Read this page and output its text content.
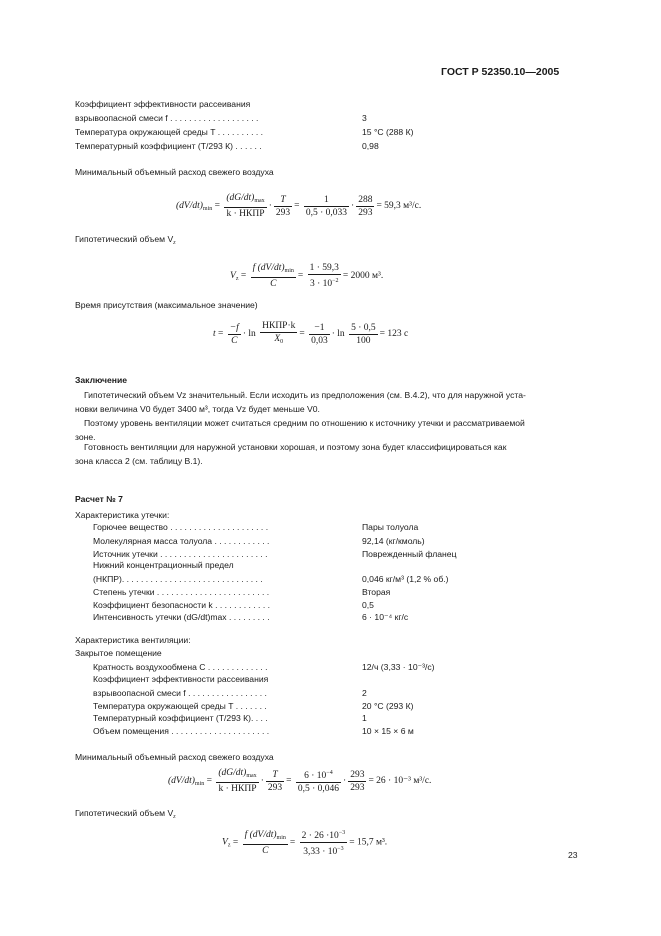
ГОСТ Р 52350.10—2005
Коэффициент эффективности рассеивания
взрывоопасной смеси f . . . . . . . . . . . . . . . . . . .	3
Температура окружающей среды T . . . . . . . . . .	15 °С (288 К)
Температурный коэффициент (Т/293 К) . . . . . .	0,98
Минимальный объемный расход свежего воздуха
$(dV/dt)_{min} = \frac{(dG/dt)_{max}}{\text{k · НКПР}} \cdot \frac{T}{293} = \frac{1}{0,5 \cdot 0,033} \cdot \frac{288}{293} = 59,3$ м³/с.
Гипотетический объем $V_z$
$V_z = \frac{f (dV/dt)_{min}}{C} = \frac{1 \cdot 59,3}{3 \cdot 10^{-2}} = 2000$ м³.
Время присутствия (максимальное значение)
$t = \frac{-f}{C} \cdot \ln \frac{\text{НКПР·k}}{X_0} = \frac{-1}{0,03} \cdot \ln \frac{5 \cdot 0,5}{100} = 123$ с
Заключение
Гипотетический объем Vz значительный. Если исходить из предположения (см. В.4.2), что для наружной уста-
новки величина V0 будет 3400 м³, тогда Vz будет меньше V0.
Поэтому уровень вентиляции может считаться средним по отношению к источнику утечки и рассматриваемой
зоне.
Готовность вентиляции для наружной установки хорошая, и поэтому зона будет классифицироваться как
зона класса 2 (см. таблицу В.1).
Расчет № 7
Характеристика утечки:
Горючее вещество . . . . . . . . . . . . . . . . . . . . .	Пары толуола
Молекулярная масса толуола . . . . . . . . . . . .	92,14 (кг/кмоль)
Источник утечки . . . . . . . . . . . . . . . . . . . . . . .	Поврежденный фланец
Нижний концентрационный предел
(НКПР). . . . . . . . . . . . . . . . . . . . . . . . . . . . . .	0,046 кг/м³ (1,2 % об.)
Степень утечки . . . . . . . . . . . . . . . . . . . . . . . .	Вторая
Коэффициент безопасности k . . . . . . . . . . . .	0,5
Интенсивность утечки (dG/dt)max . . . . . . . . .	6 · 10⁻⁴ кг/с
Характеристика вентиляции:
Закрытое помещение
Кратность воздухообмена C . . . . . . . . . . . . .	12/ч (3,33 · 10⁻³/с)
Коэффициент эффективности рассеивания
взрывоопасной смеси f . . . . . . . . . . . . . . . . .	2
Температура окружающей среды T . . . . . . .	20 °С (293 К)
Температурный коэффициент (Т/293 К). . . .	1
Объем помещения . . . . . . . . . . . . . . . . . . . . .	10 × 15 × 6 м
Минимальный объемный расход свежего воздуха
$(dV/dt)_{min} = \frac{(dG/dt)_{max}}{\text{k · НКПР}} \cdot \frac{T}{293} = \frac{6 \cdot 10^{-4}}{0,5 \cdot 0,046} \cdot \frac{293}{293} = 26 \cdot 10^{-3}$ м³/с.
Гипотетический объем $V_z$
$V_z = \frac{f (dV/dt)_{min}}{C} = \frac{2 \cdot 26 \cdot 10^{-3}}{3,33 \cdot 10^{-3}} = 15,7$ м³.
23
